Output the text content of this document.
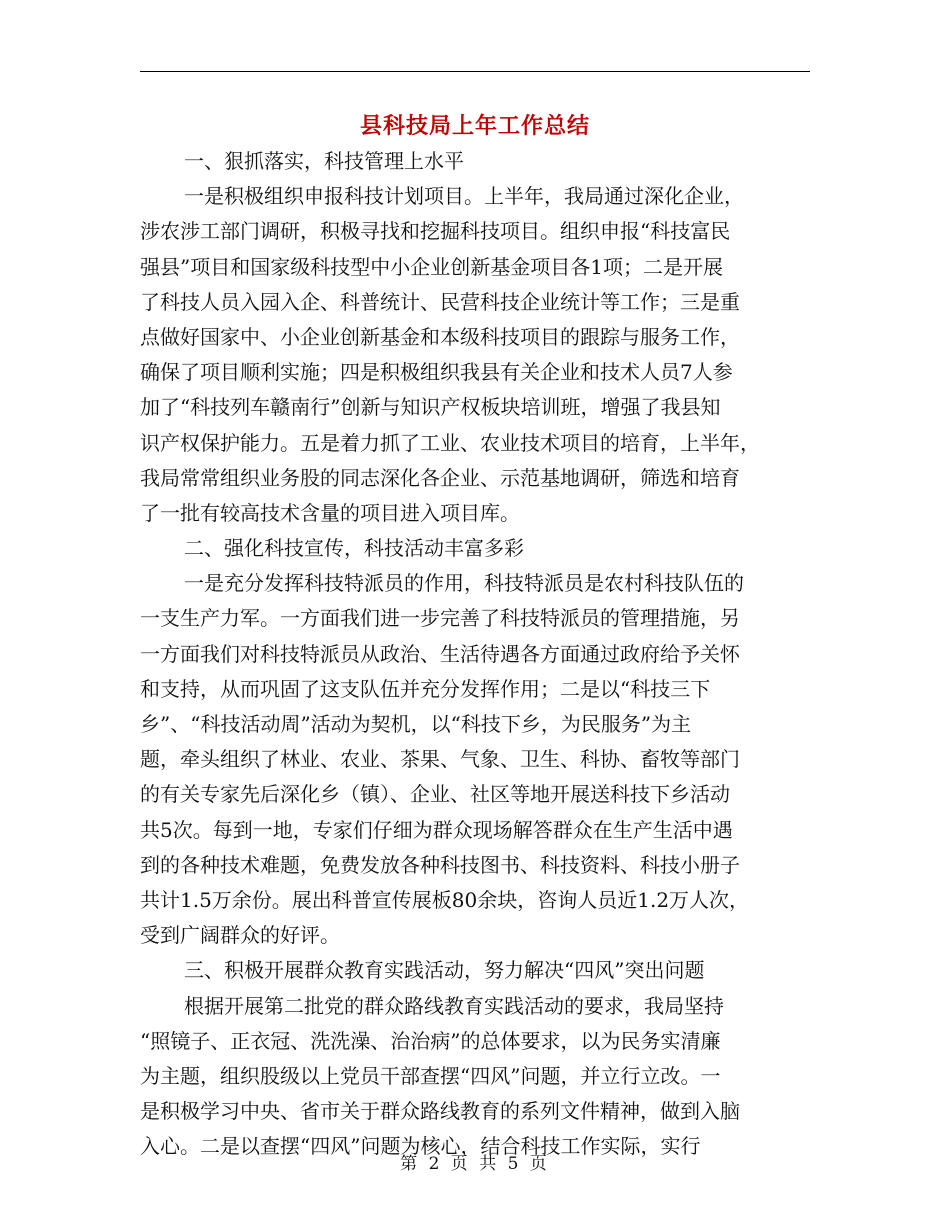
县科技局上年工作总结
一、狠抓落实，科技管理上水平
一是积极组织申报科技计划项目。上半年，我局通过深化企业，
涉农涉工部门调研，积极寻找和挖掘科技项目。组织申报“科技富民
强县”项目和国家级科技型中小企业创新基金项目各1项；二是开展
了科技人员入园入企、科普统计、民营科技企业统计等工作；三是重
点做好国家中、小企业创新基金和本级科技项目的跟踪与服务工作，
确保了项目顺利实施；四是积极组织我县有关企业和技术人员7人参
加了“科技列车赣南行”创新与知识产权板块培训班，增强了我县知
识产权保护能力。五是着力抓了工业、农业技术项目的培育，上半年，
我局常常组织业务股的同志深化各企业、示范基地调研，筛选和培育
了一批有较高技术含量的项目进入项目库。
二、强化科技宣传，科技活动丰富多彩
一是充分发挥科技特派员的作用，科技特派员是农村科技队伍的
一支生产力军。一方面我们进一步完善了科技特派员的管理措施，另
一方面我们对科技特派员从政治、生活待遇各方面通过政府给予关怀
和支持，从而巩固了这支队伍并充分发挥作用；二是以“科技三下
乡”、“科技活动周”活动为契机，以“科技下乡，为民服务”为主
题，牵头组织了林业、农业、茶果、气象、卫生、科协、畜牧等部门
的有关专家先后深化乡（镇）、企业、社区等地开展送科技下乡活动
共5次。每到一地，专家们仔细为群众现场解答群众在生产生活中遇
到的各种技术难题，免费发放各种科技图书、科技资料、科技小册子
共计1.5万余份。展出科普宣传展板80余块，咨询人员近1.2万人次，
受到广阔群众的好评。
三、积极开展群众教育实践活动，努力解决“四风”突出问题
根据开展第二批党的群众路线教育实践活动的要求，我局坚持
“照镜子、正衣冠、洗洗澡、治治病”的总体要求，以为民务实清廉
为主题，组织股级以上党员干部查摆“四风”问题，并立行立改。一
是积极学习中央、省市关于群众路线教育的系列文件精神，做到入脑
入心。二是以查摆“四风”问题为核心，结合科技工作实际，实行
第 2 页 共 5 页
